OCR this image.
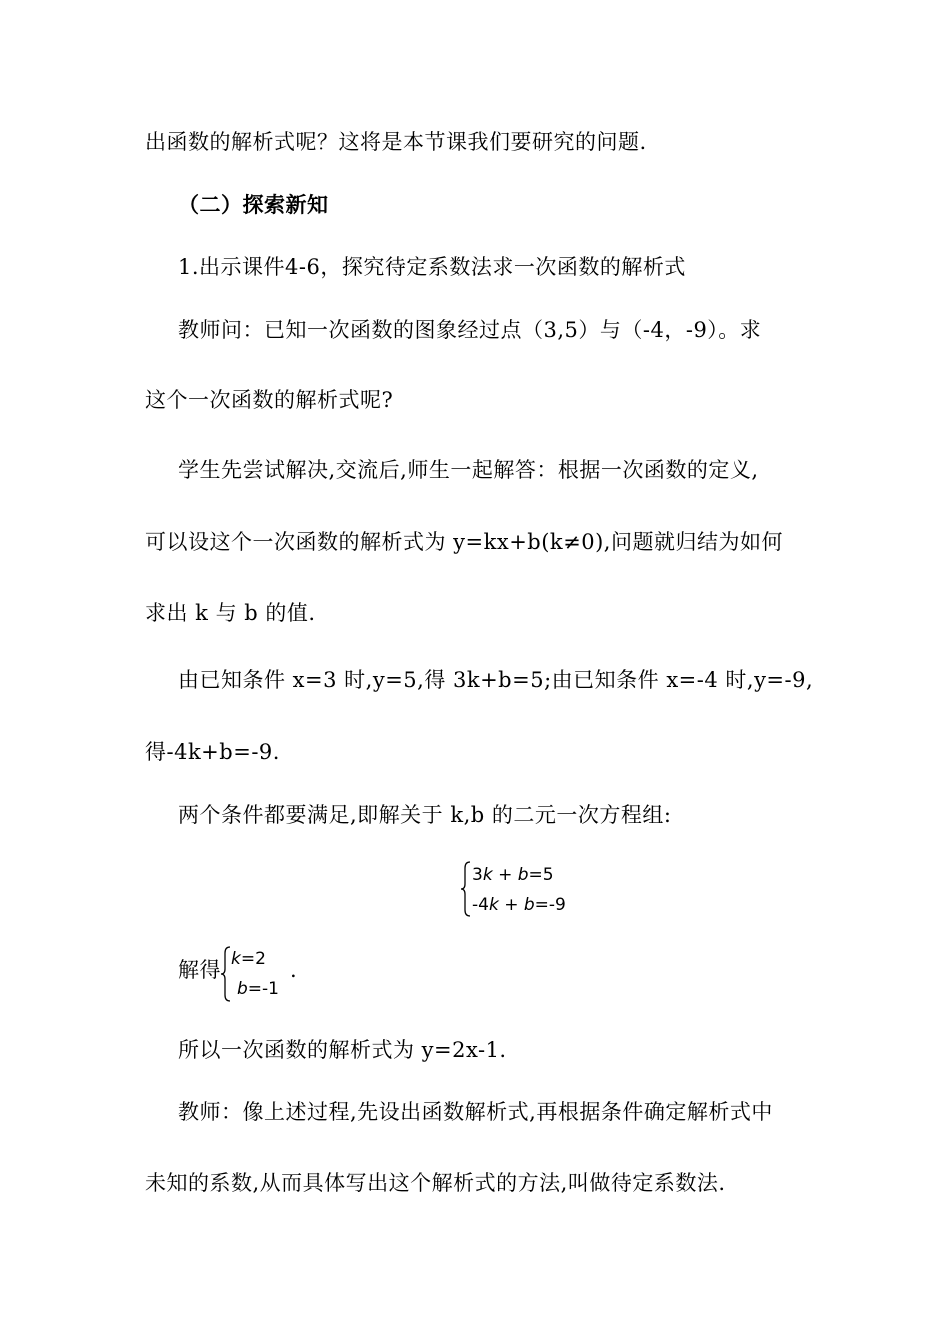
出函数的解析式呢？这将是本节课我们要研究的问题.
（二）探索新知
1.出示课件4-6，探究待定系数法求一次函数的解析式
教师问：已知一次函数的图象经过点（3,5）与（-4，-9）。求
这个一次函数的解析式呢?
学生先尝试解决,交流后,师生一起解答：根据一次函数的定义,
可以设这个一次函数的解析式为 y=kx+b(k≠0),问题就归结为如何
求出 k 与 b 的值.
由已知条件 x=3 时,y=5,得 3k+b=5;由已知条件 x=-4 时,y=-9,
得-4k+b=-9.
两个条件都要满足,即解关于 k,b 的二元一次方程组:
3k + b=5
-4k + b=-9
解得 k=2
b=-1
.
所以一次函数的解析式为 y=2x-1.
教师：像上述过程,先设出函数解析式,再根据条件确定解析式中
未知的系数,从而具体写出这个解析式的方法,叫做待定系数法.
